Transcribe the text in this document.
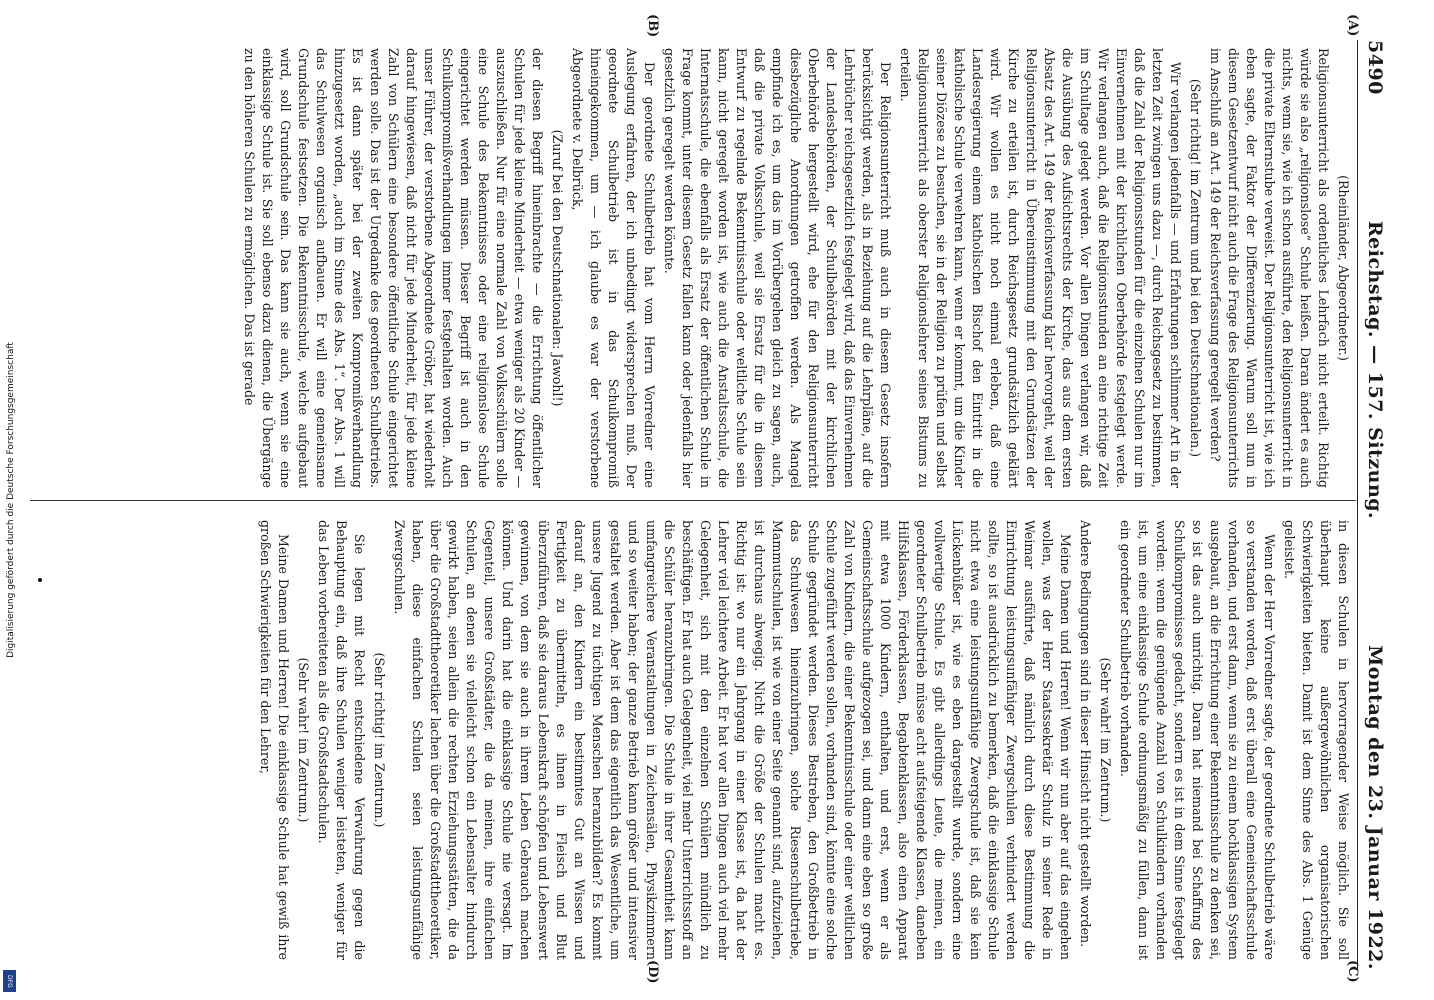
Digitalisierung gefördert durch die Deutsche Forschungsgemeinschaft
DFG
5490
Reichstag. — 157. Sitzung.
Montag den 23. Januar 1922.
(A)
(B)
(C)
(D)

(Rheinländer, Abgeordneter.)

Religionsunterricht als ordentliches Lehrfach nicht erteilt. Richtig würde sie also „religionslose“ Schule heißen. Daran ändert es auch nichts, wenn sie, wie ich schon ausführte, den Religionsunterricht in die private Elternstube verweist. Der Religionsunterricht ist, wie ich eben sagte, der Faktor der Differenzierung. Warum soll nun in diesem Gesetzentwurf nicht auch die Frage des Religionsunterrichts im Anschluß an Art. 149 der Reichsverfassung geregelt werden?

(Sehr richtig! im Zentrum und bei den Deutschnationalen.)

Wir verlangen jedenfalls — und Erfahrungen schlimmer Art in der letzten Zeit zwingen uns dazu —, durch Reichsgesetz zu bestimmen, daß die Zahl der Religionsstunden für die einzelnen Schulen nur im Einvernehmen mit der kirchlichen Oberbehörde festgelegt werde. Wir verlangen auch, daß die Religionsstunden an eine richtige Zeit im Schultage gelegt werden. Vor allen Dingen verlangen wir, daß die Ausübung des Aufsichtsrechts der Kirche, das aus dem ersten Absatz des Art. 149 der Reichsverfassung klar hervorgeht, weil der Religionsunterricht in Übereinstimmung mit den Grundsätzen der Kirche zu erteilen ist, durch Reichsgesetz grundsätzlich geklärt wird. Wir wollen es nicht noch einmal erleben, daß eine Landesregierung einem katholischen Bischof den Eintritt in die katholische Schule verwehren kann, wenn er kommt, um die Kinder seiner Diözese zu besuchen, sie in der Religion zu prüfen und selbst Religionsunterricht als oberster Religionslehrer seines Bistums zu erteilen.

Der Religionsunterricht muß auch in diesem Gesetz insofern berücksichtigt werden, als in Beziehung auf die Lehrpläne, auf die Lehrbücher reichsgesetzlich festgelegt wird, daß das Einvernehmen der Landesbehörden, der Schulbehörden mit der kirchlichen Oberbehörde hergestellt wird, ehe für den Religionsunterricht diesbezügliche Anordnungen getroffen werden. Als Mangel empfinde ich es, um das im Vorübergehen gleich zu sagen, auch, daß die private Volksschule, weil sie Ersatz für die in diesem Entwurf zu regelnde Bekenntnisschule oder weltliche Schule sein kann, nicht geregelt worden ist, wie auch die Anstaltsschule, die Internatsschule, die ebenfalls als Ersatz der öffentlichen Schule in Frage kommt, unter diesem Gesetz fallen kann oder jedenfalls hier gesetzlich geregelt werden könnte.

Der geordnete Schulbetrieb hat vom Herrn Vorredner eine Auslegung erfahren, der ich unbedingt widersprechen muß. Der geordnete Schulbetrieb ist in das Schulkompromiß hineingekommen, um — ich glaube es war der verstorbene Abgeordnete v. Delbrück,

(Zuruf bei den Deutschnationalen: Jawohl!)

der diesen Begriff hineinbrachte — die Errichtung öffentlicher Schulen für jede kleine Minderheit — etwa weniger als 20 Kinder — auszuschließen. Nur für eine normale Zahl von Volksschülern solle eine Schule des Bekenntnisses oder eine religionslose Schule eingerichtet werden müssen. Dieser Begriff ist auch in den Schulkompromißverhandlungen immer festgehalten worden. Auch unser Führer, der verstorbene Abgeordnete Gröber, hat wiederholt darauf hingewiesen, daß nicht für jede Minderheit, für jede kleine Zahl von Schülern eine besondere öffentliche Schule eingerichtet werden solle. Das ist der Urgedanke des geordneten Schulbetriebs. Es ist dann später bei der zweiten Kompromißverhandlung hinzugesetzt worden, „auch im Sinne des Abs. 1“. Der Abs. 1 will das Schulwesen organisch aufbauen. Er will eine gemeinsame Grundschule festsetzen. Die Bekenntnisschule, welche aufgebaut wird, soll Grundschule sein. Das kann sie auch, wenn sie eine einklassige Schule ist. Sie soll ebenso dazu dienen, die Übergänge zu den höheren Schulen zu ermöglichen. Das ist gerade

in diesen Schulen in hervorragender Weise möglich. Sie soll überhaupt keine außergewöhnlichen organisatorischen Schwierigkeiten bieten. Damit ist dem Sinne des Abs. 1 Genüge geleistet.

Wenn der Herr Vorredner sagte, der geordnete Schulbetrieb wäre so verstanden worden, daß erst überall eine Gemeinschaftsschule vorhanden, und erst dann, wenn sie zu einem hochklassigen System ausgebaut, an die Errichtung einer Bekenntnisschule zu denken sei, so ist das auch unrichtig. Daran hat niemand bei Schaffung des Schulkompromisses gedacht, sondern es ist in dem Sinne festgelegt worden: wenn die genügende Anzahl von Schulkindern vorhanden ist, um eine einklassige Schule ordnungsmäßig zu füllen, dann ist ein geordneter Schulbetrieb vorhanden.

(Sehr wahr! im Zentrum.)

Andere Bedingungen sind in dieser Hinsicht nicht gestellt worden.

Meine Damen und Herren! Wenn wir nun aber auf das eingehen wollen, was der Herr Staatssekretär Schulz in seiner Rede in Weimar ausführte, daß nämlich durch diese Bestimmung die Einrichtung leistungsunfähiger Zwergschulen verhindert werden sollte, so ist ausdrücklich zu bemerken, daß die einklassige Schule nicht etwa eine leistungsunfähige Zwergschule ist, daß sie kein Lückenbüßer ist, wie es eben dargestellt wurde, sondern eine vollwertige Schule. Es gibt allerdings Leute, die meinen, ein geordneter Schulbetrieb müsse acht aufsteigende Klassen, daneben Hilfsklassen, Förderklassen, Begabtenklassen, also einen Apparat mit etwa 1000 Kindern, enthalten, und erst, wenn er als Gemeinschaftsschule aufgezogen sei, und dann eine eben so große Zahl von Kindern, die einer Bekenntnisschule oder einer weltlichen Schule zugeführt werden sollen, vorhanden sind, könnte eine solche Schule gegründet werden. Dieses Bestreben, den Großbetrieb in das Schulwesen hineinzubringen, solche Riesenschulbetriebe, Mammutschulen, ist wie von einer Seite genannt sind, aufzuziehen, ist durchaus abwegig. Nicht die Größe der Schulen macht es. Richtig ist: wo nur ein Jahrgang in einer Klasse ist, da hat der Lehrer viel leichtere Arbeit. Er hat vor allen Dingen auch viel mehr Gelegenheit, sich mit den einzelnen Schülern mündlich zu beschäftigen. Er hat auch Gelegenheit, viel mehr Unterrichtsstoff an die Schüler heranzubringen. Die Schule in ihrer Gesamtheit kann umfangreichere Veranstaltungen in Zeichensälen, Physikzimmern und so weiter haben; der ganze Betrieb kann größer und intensiver gestaltet werden. Aber ist dem das eigentlich das Wesentliche, um unsere Jugend zu tüchtigen Menschen heranzubilden? Es kommt darauf an, den Kindern ein bestimmtes Gut an Wissen und Fertigkeit zu übermitteln, es ihnen in Fleisch und Blut überzuführen, daß sie daraus Lebenskraft schöpfen und Lebenswert gewinnen, von dem sie auch in ihrem Leben Gebrauch machen können. Und darin hat die einklassige Schule nie versagt. Im Gegenteil, unsere Großstädter, die da meinen, ihre einfachen Schulen, an denen sie vielleicht schon ein Lebensalter hindurch gewirkt haben, seien allein die rechten Erziehungsstätten, die da über die Großstadttheoretiker lachen über die Großstadttheoretiker, haben, diese einfachen Schulen seien leistungsunfähige Zwergschulen.

(Sehr richtig! im Zentrum.)

Sie legen mit Recht entschiedene Verwahrung gegen die Behauptung ein, daß ihre Schulen weniger leisteten, weniger für das Leben vorbereiteten als die Großstadtschulen.

(Sehr wahr! im Zentrum.)

Meine Damen und Herren! Die einklassige Schule hat gewiß ihre großen Schwierigkeiten für den Lehrer,
